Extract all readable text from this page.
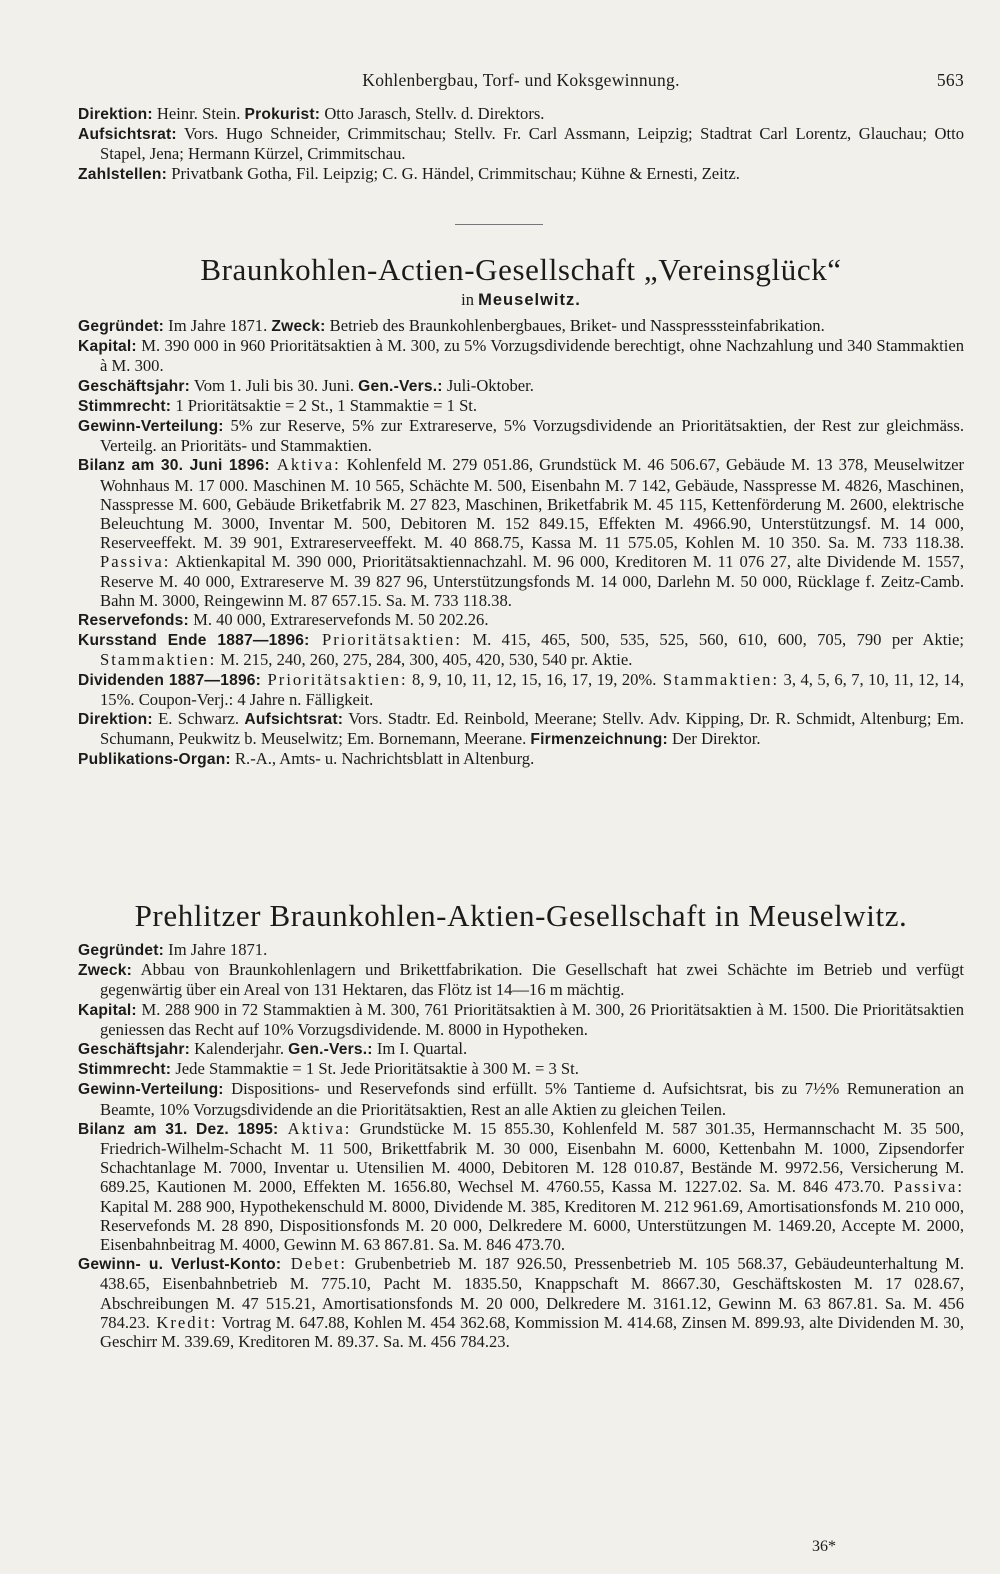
Kohlenbergbau, Torf- und Koksgewinnung.	563

Direktion: Heinr. Stein. Prokurist: Otto Jarasch, Stellv. d. Direktors.

Aufsichtsrat: Vors. Hugo Schneider, Crimmitschau; Stellv. Fr. Carl Assmann, Leipzig; Stadtrat Carl Lorentz, Glauchau; Otto Stapel, Jena; Hermann Kürzel, Crimmitschau.

Zahlstellen: Privatbank Gotha, Fil. Leipzig; C. G. Händel, Crimmitschau; Kühne & Ernesti, Zeitz.

Braunkohlen-Actien-Gesellschaft „Vereinsglück“
in Meuselwitz.

Gegründet: Im Jahre 1871. Zweck: Betrieb des Braunkohlenbergbaues, Briket- und Nasspresssteinfabrikation.

Kapital: M. 390 000 in 960 Prioritätsaktien à M. 300, zu 5% Vorzugsdividende berechtigt, ohne Nachzahlung und 340 Stammaktien à M. 300.

Geschäftsjahr: Vom 1. Juli bis 30. Juni. Gen.-Vers.: Juli-Oktober.

Stimmrecht: 1 Prioritätsaktie = 2 St., 1 Stammaktie = 1 St.

Gewinn-Verteilung: 5% zur Reserve, 5% zur Extrareserve, 5% Vorzugsdividende an Prioritätsaktien, der Rest zur gleichmäss. Verteilg. an Prioritäts- und Stammaktien.

Bilanz am 30. Juni 1896: Aktiva: Kohlenfeld M. 279 051.86, Grundstück M. 46 506.67, Gebäude M. 13 378, Meuselwitzer Wohnhaus M. 17 000. Maschinen M. 10 565, Schächte M. 500, Eisenbahn M. 7 142, Gebäude, Nasspresse M. 4826, Maschinen, Nasspresse M. 600, Gebäude Briketfabrik M. 27 823, Maschinen, Briketfabrik M. 45 115, Kettenförderung M. 2600, elektrische Beleuchtung M. 3000, Inventar M. 500, Debitoren M. 152 849.15, Effekten M. 4966.90, Unterstützungsf. M. 14 000, Reserveeffekt. M. 39 901, Extrareserveeffekt. M. 40 868.75, Kassa M. 11 575.05, Kohlen M. 10 350. Sa. M. 733 118.38. Passiva: Aktienkapital M. 390 000, Prioritätsaktiennachzahl. M. 96 000, Kreditoren M. 11 076 27, alte Dividende M. 1557, Reserve M. 40 000, Extrareserve M. 39 827 96, Unterstützungsfonds M. 14 000, Darlehn M. 50 000, Rücklage f. Zeitz-Camb. Bahn M. 3000, Reingewinn M. 87 657.15. Sa. M. 733 118.38.

Reservefonds: M. 40 000, Extrareservefonds M. 50 202.26.

Kursstand Ende 1887—1896: Prioritätsaktien: M. 415, 465, 500, 535, 525, 560, 610, 600, 705, 790 per Aktie; Stammaktien: M. 215, 240, 260, 275, 284, 300, 405, 420, 530, 540 pr. Aktie.

Dividenden 1887—1896: Prioritätsaktien: 8, 9, 10, 11, 12, 15, 16, 17, 19, 20%. Stammaktien: 3, 4, 5, 6, 7, 10, 11, 12, 14, 15%. Coupon-Verj.: 4 Jahre n. Fälligkeit.

Direktion: E. Schwarz. Aufsichtsrat: Vors. Stadtr. Ed. Reinbold, Meerane; Stellv. Adv. Kipping, Dr. R. Schmidt, Altenburg; Em. Schumann, Peukwitz b. Meuselwitz; Em. Bornemann, Meerane. Firmenzeichnung: Der Direktor.

Publikations-Organ: R.-A., Amts- u. Nachrichtsblatt in Altenburg.

Prehlitzer Braunkohlen-Aktien-Gesellschaft in Meuselwitz.

Gegründet: Im Jahre 1871.

Zweck: Abbau von Braunkohlenlagern und Brikettfabrikation. Die Gesellschaft hat zwei Schächte im Betrieb und verfügt gegenwärtig über ein Areal von 131 Hektaren, das Flötz ist 14—16 m mächtig.

Kapital: M. 288 900 in 72 Stammaktien à M. 300, 761 Prioritätsaktien à M. 300, 26 Prioritätsaktien à M. 1500. Die Prioritätsaktien geniessen das Recht auf 10% Vorzugsdividende. M. 8000 in Hypotheken.

Geschäftsjahr: Kalenderjahr. Gen.-Vers.: Im I. Quartal.

Stimmrecht: Jede Stammaktie = 1 St. Jede Prioritätsaktie à 300 M. = 3 St.

Gewinn-Verteilung: Dispositions- und Reservefonds sind erfüllt. 5% Tantieme d. Aufsichtsrat, bis zu 7½% Remuneration an Beamte, 10% Vorzugsdividende an die Prioritätsaktien, Rest an alle Aktien zu gleichen Teilen.

Bilanz am 31. Dez. 1895: Aktiva: Grundstücke M. 15 855.30, Kohlenfeld M. 587 301.35, Hermannschacht M. 35 500, Friedrich-Wilhelm-Schacht M. 11 500, Brikettfabrik M. 30 000, Eisenbahn M. 6000, Kettenbahn M. 1000, Zipsendorfer Schachtanlage M. 7000, Inventar u. Utensilien M. 4000, Debitoren M. 128 010.87, Bestände M. 9972.56, Versicherung M. 689.25, Kautionen M. 2000, Effekten M. 1656.80, Wechsel M. 4760.55, Kassa M. 1227.02. Sa. M. 846 473.70. Passiva: Kapital M. 288 900, Hypothekenschuld M. 8000, Dividende M. 385, Kreditoren M. 212 961.69, Amortisationsfonds M. 210 000, Reservefonds M. 28 890, Dispositionsfonds M. 20 000, Delkredere M. 6000, Unterstützungen M. 1469.20, Accepte M. 2000, Eisenbahnbeitrag M. 4000, Gewinn M. 63 867.81. Sa. M. 846 473.70.

Gewinn- u. Verlust-Konto: Debet: Grubenbetrieb M. 187 926.50, Pressenbetrieb M. 105 568.37, Gebäudeunterhaltung M. 438.65, Eisenbahnbetrieb M. 775.10, Pacht M. 1835.50, Knappschaft M. 8667.30, Geschäftskosten M. 17 028.67, Abschreibungen M. 47 515.21, Amortisationsfonds M. 20 000, Delkredere M. 3161.12, Gewinn M. 63 867.81. Sa. M. 456 784.23. Kredit: Vortrag M. 647.88, Kohlen M. 454 362.68, Kommission M. 414.68, Zinsen M. 899.93, alte Dividenden M. 30, Geschirr M. 339.69, Kreditoren M. 89.37. Sa. M. 456 784.23.

36*
